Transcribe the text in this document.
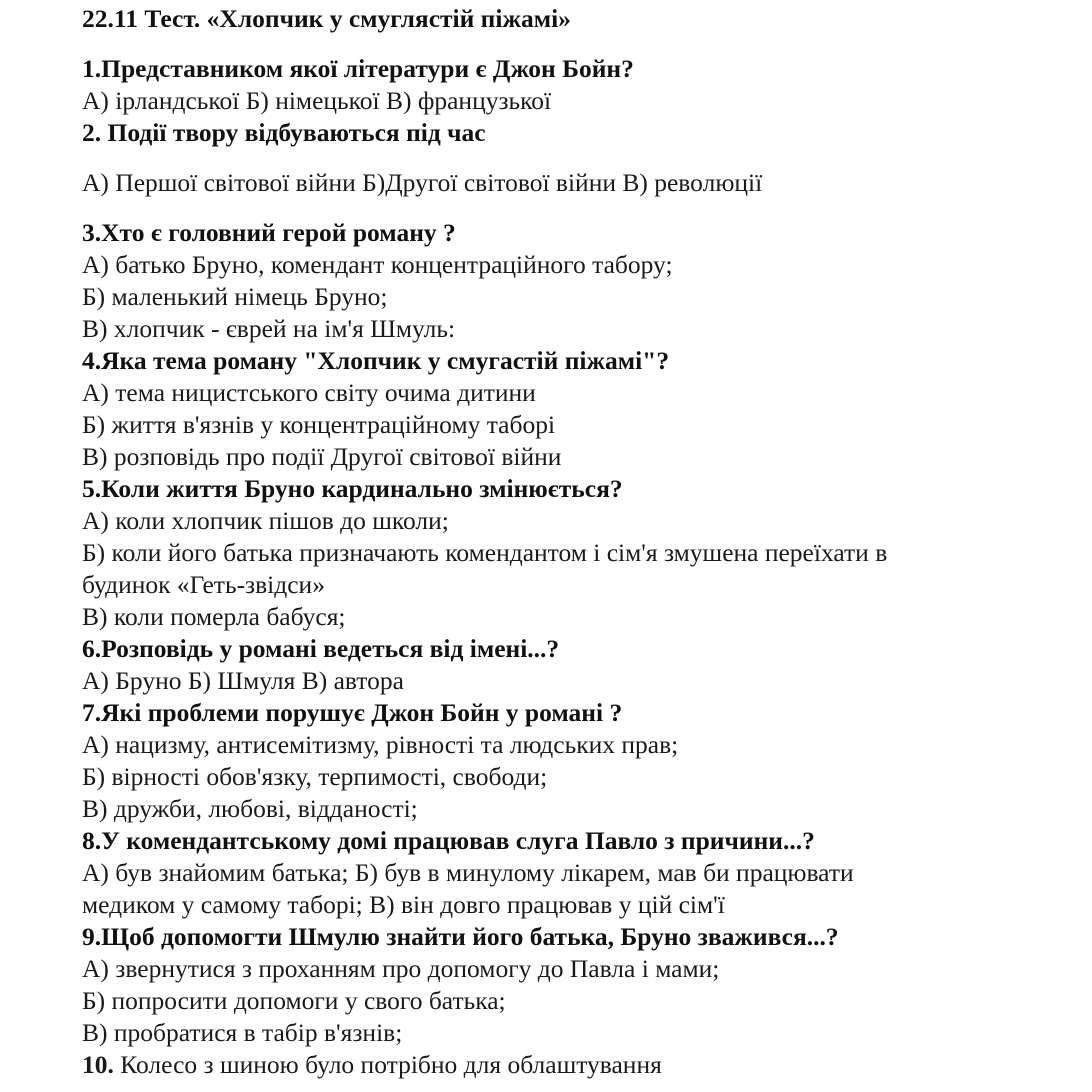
22.11 Тест. «Хлопчик у смуглястій піжамі»
1.Представником якої літератури є Джон Бойн?
А) ірландської Б) німецької В) французької
2. Події твору відбуваються під час
А) Першої світової війни Б)Другої світової війни В) революції
3.Хто є головний герой роману ?
А) батько Бруно, комендант концентраційного табору;
Б) маленький німець Бруно;
В) хлопчик - єврей на ім'я Шмуль:
4.Яка тема роману "Хлопчик у смугастій піжамі"?
А) тема ницистського світу очима дитини
Б) життя в'язнів у концентраційному таборі
В) розповідь про події Другої світової війни
5.Коли життя Бруно кардинально змінюється?
А) коли хлопчик пішов до школи;
Б) коли його батька призначають комендантом і сім'я змушена переїхати в
будинок «Геть-звідси»
В) коли померла бабуся;
6.Розповідь у романі ведеться від імені...?
А) Бруно Б) Шмуля В) автора
7.Які проблеми порушує Джон Бойн у романі ?
А) нацизму, антисемітизму, рівності та людських прав;
Б) вірності обов'язку, терпимості, свободи;
В) дружби, любові, відданості;
8.У комендантському домі працював слуга Павло з причини...?
А) був знайомим батька; Б) був в минулому лікарем, мав би працювати
медиком у самому таборі; В) він довго працював у цій сім'ї
9.Щоб допомогти Шмулю знайти його батька, Бруно зважився...?
А) звернутися з проханням про допомогу до Павла і мами;
Б) попросити допомоги у свого батька;
В) пробратися в табір в'язнів;
10. Колесо з шиною було потрібно для облаштування
